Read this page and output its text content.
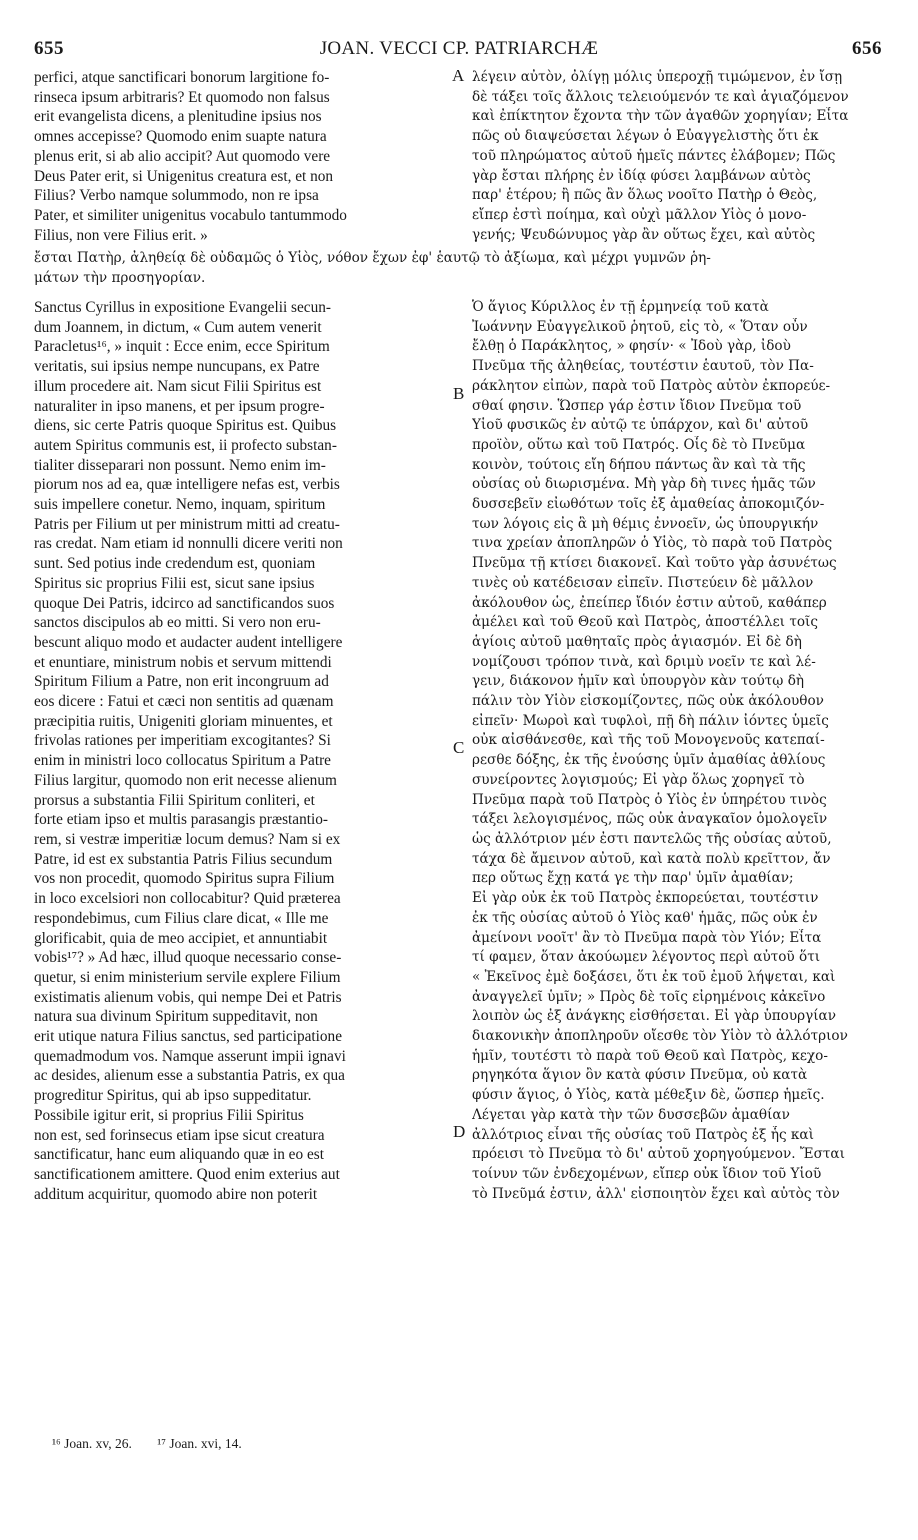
655	JOAN. VECCI CP. PATRIARCHÆ	656
perfici, atque sanctificari bonorum largitione fo-
rinseca ipsum arbitraris? Et quomodo non falsus
erit evangelista dicens, a plenitudine ipsius nos
omnes accepisse? Quomodo enim suapte natura
plenus erit, si ab alio accipit? Aut quomodo vere
Deus Pater erit, si Unigenitus creatura est, et non
Filius? Verbo namque solummodo, non re ipsa
Pater, et similiter unigenitus vocabulo tantummodo
Filius, non vere Filius erit. »
λέγειν αὐτὸν, ὀλίγῃ μόλις ὑπεροχῇ τιμώμενον, ἐν ἴσῃ
δὲ τάξει τοῖς ἄλλοις τελειούμενόν τε καὶ ἁγιαζόμενον
καὶ ἐπίκτητον ἔχοντα τὴν τῶν ἀγαθῶν χορηγίαν; Εἶτα
πῶς οὐ διαψεύσεται λέγων ὁ Εὐαγγελιστὴς ὅτι ἐκ
τοῦ πληρώματος αὐτοῦ ἡμεῖς πάντες ἐλάβομεν; Πῶς
γὰρ ἔσται πλήρης ἐν ἰδίᾳ φύσει λαμβάνων αὐτὸς
παρ' ἑτέρου; ἢ πῶς ἂν ὅλως νοοῖτο Πατὴρ ὁ Θεὸς,
εἴπερ ἐστὶ ποίημα, καὶ οὐχὶ μᾶλλον Υἱὸς ὁ μονο-
γενής; Ψευδώνυμος γὰρ ἂν οὕτως ἔχει, καὶ αὐτὸς
ἔσται Πατὴρ, ἀληθείᾳ δὲ οὐδαμῶς ὁ Υἱὸς, νόθον ἔχων ἐφ' ἑαυτῷ τὸ ἀξίωμα, καὶ μέχρι γυμνῶν ῥη-
μάτων τὴν προσηγορίαν.
Sanctus Cyrillus in expositione Evangelii secun-
dum Joannem, in dictum, « Cum autem venerit
Paracletus¹⁶, » inquit : Ecce enim, ecce Spiritum
veritatis, sui ipsius nempe nuncupans, ex Patre
illum procedere ait. Nam sicut Filii Spiritus est
naturaliter in ipso manens, et per ipsum progre-
diens, sic certe Patris quoque Spiritus est. Quibus
autem Spiritus communis est, ii profecto substan-
tialiter disseparari non possunt. Nemo enim im-
piorum nos ad ea, quæ intelligere nefas est, verbis
suis impellere conetur. Nemo, inquam, spiritum
Patris per Filium ut per ministrum mitti ad creatu-
ras credat. Nam etiam id nonnulli dicere veriti non
sunt. Sed potius inde credendum est, quoniam
Spiritus sic proprius Filii est, sicut sane ipsius
quoque Dei Patris, idcirco ad sanctificandos suos
sanctos discipulos ab eo mitti. Si vero non eru-
bescunt aliquo modo et audacter audent intelligere
et enuntiare, ministrum nobis et servum mittendi
Spiritum Filium a Patre, non erit incongruum ad
eos dicere : Fatui et cæci non sentitis ad quænam
præcipitia ruitis, Unigeniti gloriam minuentes, et
frivolas rationes per imperitiam excogitantes? Si
enim in ministri loco collocatus Spiritum a Patre
Filius largitur, quomodo non erit necesse alienum
prorsus a substantia Filii Spiritum conliteri, et
forte etiam ipso et multis parasangis præstantio-
rem, si vestræ imperitiæ locum demus? Nam si ex
Patre, id est ex substantia Patris Filius secundum
vos non procedit, quomodo Spiritus supra Filium
in loco excelsiori non collocabitur? Quid præterea
respondebimus, cum Filius clare dicat, « Ille me
glorificabit, quia de meo accipiet, et annuntiabit
vobis¹⁷? » Ad hæc, illud quoque necessario conse-
quetur, si enim ministerium servile explere Filium
existimatis alienum vobis, qui nempe Dei et Patris
natura sua divinum Spiritum suppeditavit, non
erit utique natura Filius sanctus, sed participatione
quemadmodum vos. Namque asserunt impii ignavi
ac desides, alienum esse a substantia Patris, ex qua
progreditur Spiritus, qui ab ipso suppeditatur.
Possibile igitur erit, si proprius Filii Spiritus
non est, sed forinsecus etiam ipse sicut creatura
sanctificatur, hanc eum aliquando quæ in eo est
sanctificationem amittere. Quod enim exterius aut
additum acquiritur, quomodo abire non poterit
Ὁ ἅγιος Κύριλλος ἐν τῇ ἑρμηνείᾳ τοῦ κατὰ
Ἰωάννην Εὐαγγελικοῦ ῥητοῦ, εἰς τὸ, « Ὅταν οὖν
ἔλθῃ ὁ Παράκλητος, » φησίν· « Ἰδοὺ γὰρ, ἰδοὺ
Πνεῦμα τῆς ἀληθείας, τουτέστιν ἑαυτοῦ, τὸν Πα-
ράκλητον εἰπὼν, παρὰ τοῦ Πατρὸς αὐτὸν ἐκπορεύε-
σθαί φησιν. Ὥσπερ γάρ ἐστιν ἴδιον Πνεῦμα τοῦ
Υἱοῦ φυσικῶς ἐν αὐτῷ τε ὑπάρχον, καὶ δι' αὐτοῦ
προϊὸν, οὕτω καὶ τοῦ Πατρός. Οἷς δὲ τὸ Πνεῦμα
κοινὸν, τούτοις εἴη δήπου πάντως ἂν καὶ τὰ τῆς
οὐσίας οὐ διωρισμένα. Μὴ γὰρ δὴ τινες ἡμᾶς τῶν
δυσσεβεῖν εἰωθότων τοῖς ἐξ ἀμαθείας ἀποκομιζόν-
των λόγοις εἰς ἃ μὴ θέμις ἐννοεῖν, ὡς ὑπουργικήν
τινα χρείαν ἀποπληρῶν ὁ Υἱὸς, τὸ παρὰ τοῦ Πατρὸς
Πνεῦμα τῇ κτίσει διακονεῖ. Καὶ τοῦτο γὰρ ἀσυνέτως
τινὲς οὐ κατέδεισαν εἰπεῖν. Πιστεύειν δὲ μᾶλλον
ἀκόλουθον ὡς, ἐπείπερ ἴδιόν ἐστιν αὐτοῦ, καθάπερ
ἀμέλει καὶ τοῦ Θεοῦ καὶ Πατρὸς, ἀποστέλλει τοῖς
ἁγίοις αὐτοῦ μαθηταῖς πρὸς ἁγιασμόν. Εἰ δὲ δὴ
νομίζουσι τρόπον τινὰ, καὶ δριμὺ νοεῖν τε καὶ λέ-
γειν, διάκονον ἡμῖν καὶ ὑπουργὸν κὰν τούτῳ δὴ
πάλιν τὸν Υἱὸν εἰσκομίζοντες, πῶς οὐκ ἀκόλουθον
εἰπεῖν· Μωροὶ καὶ τυφλοὶ, πῇ δὴ πάλιν ἰόντες ὑμεῖς
οὐκ αἰσθάνεσθε, καὶ τῆς τοῦ Μονογενοῦς κατεπαί-
ρεσθε δόξης, ἐκ τῆς ἐνούσης ὑμῖν ἀμαθίας ἀθλίους
συνείροντες λογισμούς; Εἰ γὰρ ὅλως χορηγεῖ τὸ
Πνεῦμα παρὰ τοῦ Πατρὸς ὁ Υἱὸς ἐν ὑπηρέτου τινὸς
τάξει λελογισμένος, πῶς οὐκ ἀναγκαῖον ὁμολογεῖν
ὡς ἀλλότριον μέν ἐστι παντελῶς τῆς οὐσίας αὐτοῦ,
τάχα δὲ ἄμεινον αὐτοῦ, καὶ κατὰ πολὺ κρεῖττον, ἄν
περ οὕτως ἔχῃ κατά γε τὴν παρ' ὑμῖν ἀμαθίαν;
Εἰ γὰρ οὐκ ἐκ τοῦ Πατρὸς ἐκπορεύεται, τουτέστιν
ἐκ τῆς οὐσίας αὐτοῦ ὁ Υἱὸς καθ' ἡμᾶς, πῶς οὐκ ἐν
ἀμείνονι νοοῖτ' ἂν τὸ Πνεῦμα παρὰ τὸν Υἱόν; Εἶτα
τί φαμεν, ὅταν ἀκούωμεν λέγοντος περὶ αὐτοῦ ὅτι
« Ἐκεῖνος ἐμὲ δοξάσει, ὅτι ἐκ τοῦ ἐμοῦ λήψεται, καὶ
ἀναγγελεῖ ὑμῖν; » Πρὸς δὲ τοῖς εἰρημένοις κἀκεῖνο
λοιπὸν ὡς ἐξ ἀνάγκης εἰσθήσεται. Εἰ γὰρ ὑπουργίαν
διακονικὴν ἀποπληροῦν οἴεσθε τὸν Υἱὸν τὸ ἀλλότριον
ἡμῖν, τουτέστι τὸ παρὰ τοῦ Θεοῦ καὶ Πατρὸς, κεχο-
ρηγηκότα ἅγιον ὂν κατὰ φύσιν Πνεῦμα, οὐ κατὰ
φύσιν ἅγιος, ὁ Υἱὸς, κατὰ μέθεξιν δὲ, ὥσπερ ἡμεῖς.
Λέγεται γὰρ κατὰ τὴν τῶν δυσσεβῶν ἀμαθίαν
ἀλλότριος εἶναι τῆς οὐσίας τοῦ Πατρὸς ἐξ ἧς καὶ
πρόεισι τὸ Πνεῦμα τὸ δι' αὐτοῦ χορηγούμενον. Ἔσται
τοίνυν τῶν ἐνδεχομένων, εἴπερ οὐκ ἴδιον τοῦ Υἱοῦ
τὸ Πνεῦμά ἐστιν, ἀλλ' εἰσποιητὸν ἔχει καὶ αὐτὸς τὸν
A
B
C
D
¹⁶ Joan. xv, 26. ¹⁷ Joan. xvi, 14.
